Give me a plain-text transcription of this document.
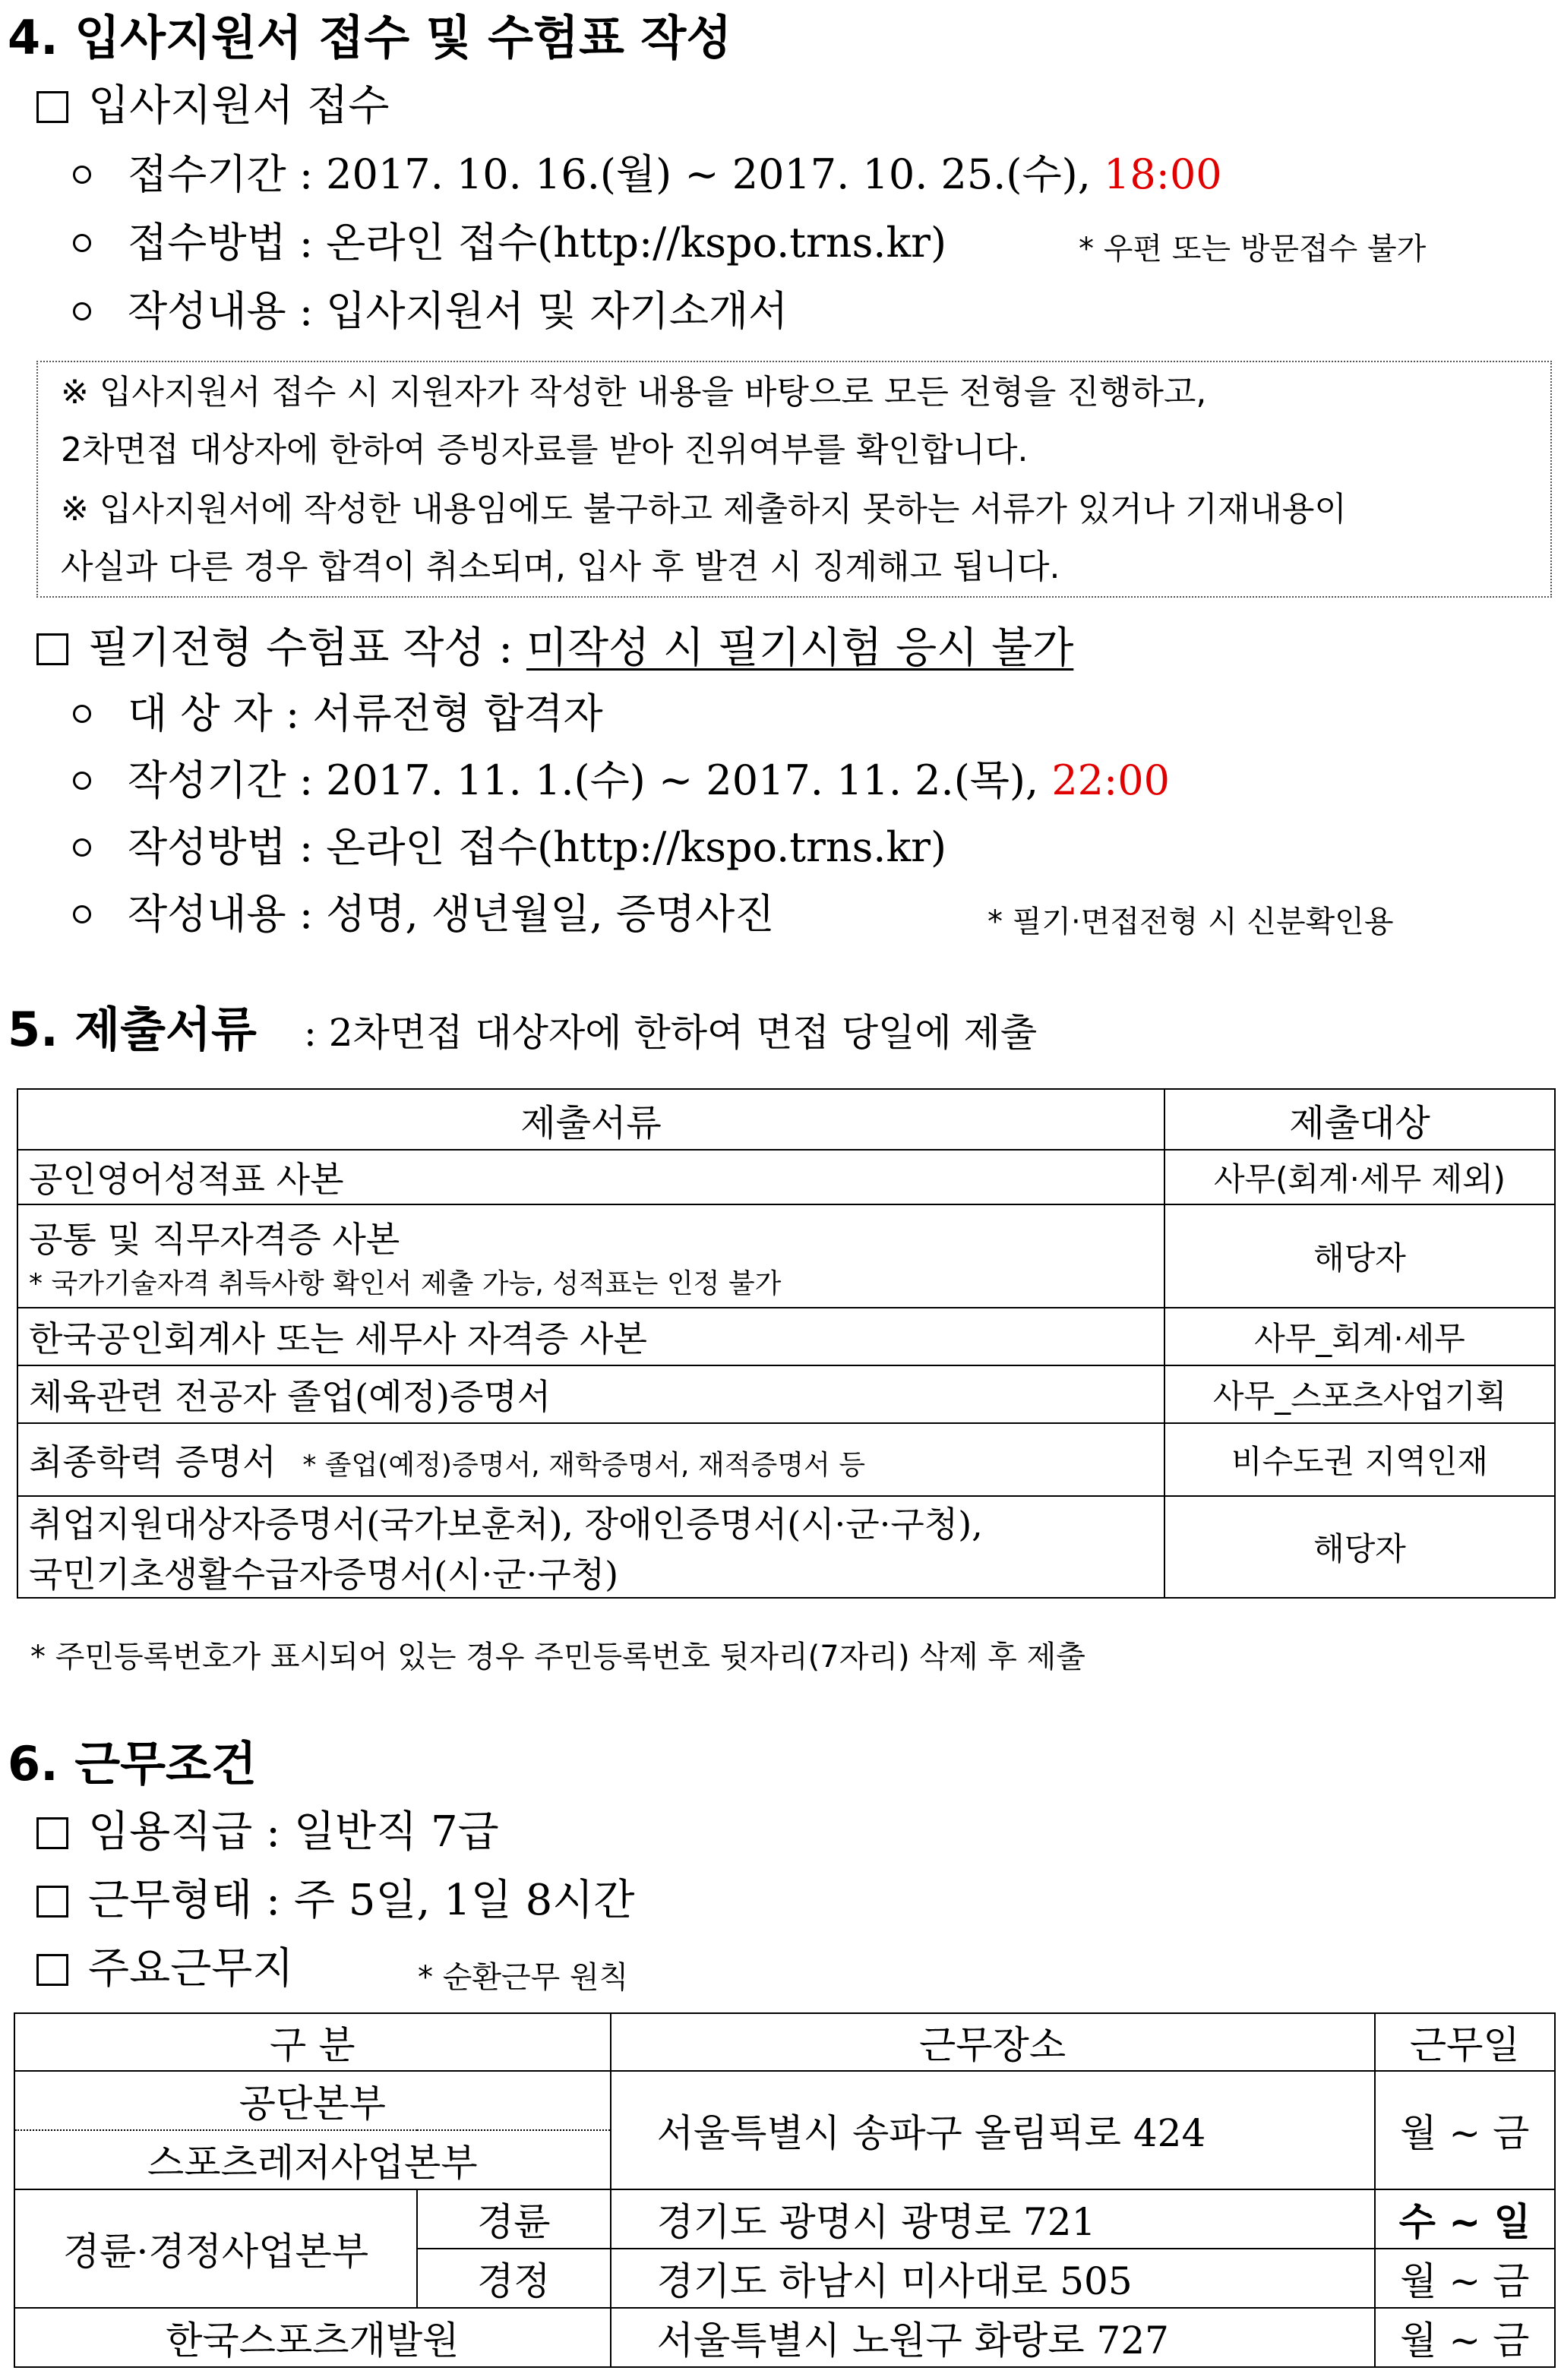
4. 입사지원서 접수 및 수험표 작성
입사지원서 접수
접수기간 : 2017. 10. 16.(월) ~ 2017. 10. 25.(수), 18:00
접수방법 : 온라인 접수(http://kspo.trns.kr)	* 우편 또는 방문접수 불가
작성내용 : 입사지원서 및 자기소개서
※ 입사지원서 접수 시 지원자가 작성한 내용을 바탕으로 모든 전형을 진행하고,
2차면접 대상자에 한하여 증빙자료를 받아 진위여부를 확인합니다.
※ 입사지원서에 작성한 내용임에도 불구하고 제출하지 못하는 서류가 있거나 기재내용이
사실과 다른 경우 합격이 취소되며, 입사 후 발견 시 징계해고 됩니다.
필기전형 수험표 작성 : 미작성 시 필기시험 응시 불가
대 상 자 : 서류전형 합격자
작성기간 : 2017. 11. 1.(수) ~ 2017. 11. 2.(목), 22:00
작성방법 : 온라인 접수(http://kspo.trns.kr)
작성내용 : 성명, 생년월일, 증명사진	* 필기·면접전형 시 신분확인용
5. 제출서류 : 2차면접 대상자에 한하여 면접 당일에 제출
제출서류	제출대상
공인영어성적표 사본	사무(회계·세무 제외)

공통 및 직무자격증 사본
* 국가기술자격 취득사항 확인서 제출 가능, 성적표는 인정 불가	해당자
한국공인회계사 또는 세무사 자격증 사본	사무_회계·세무
체육관련 전공자 졸업(예정)증명서	사무_스포츠사업기획
최종학력 증명서 * 졸업(예정)증명서, 재학증명서, 재적증명서 등	비수도권 지역인재

취업지원대상자증명서(국가보훈처), 장애인증명서(시·군·구청),
국민기초생활수급자증명서(시·군·구청)	해당자
* 주민등록번호가 표시되어 있는 경우 주민등록번호 뒷자리(7자리) 삭제 후 제출
6. 근무조건
임용직급 : 일반직 7급
근무형태 : 주 5일, 1일 8시간
주요근무지	* 순환근무 원칙
구 분		근무장소	근무일
공단본부		서울특별시 송파구 올림픽로 424	월 ~ 금
스포츠레저사업본부			
경륜·경정사업본부	경륜	경기도 광명시 광명로 721	수 ~ 일
	경정	경기도 하남시 미사대로 505	월 ~ 금
한국스포츠개발원		서울특별시 노원구 화랑로 727	월 ~ 금
